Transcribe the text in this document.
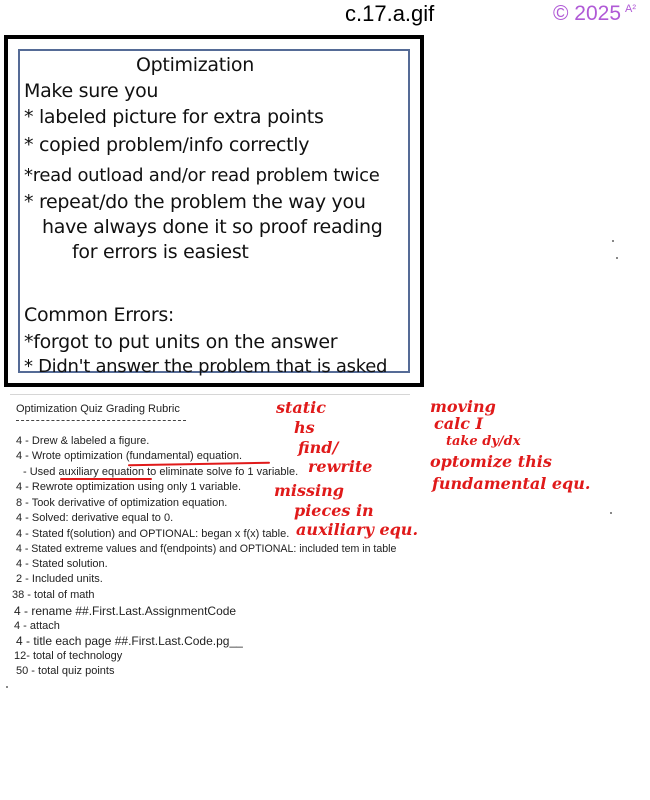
c.17.a.gif	© 2025 $^{A^2}$

Optimization

Make sure you

* labeled picture for extra points

* copied problem/info correctly

*read outload and/or read problem twice

* repeat/do the problem the way you

have always done it so proof reading

for errors is easiest

Common Errors:

*forgot to put units on the answer

* Didn't answer the problem that is asked

Optimization Quiz Grading Rubric

4 - Drew & labeled a figure.

4 - Wrote optimization (fundamental) equation.

- Used auxiliary equation to eliminate solve fo 1 variable.

4 - Rewrote optimization using only 1 variable.

8 - Took derivative of optimization equation.

4 - Solved: derivative equal to 0.

4 - Stated f(solution) and OPTIONAL: began x f(x) table.

4 - Stated extreme values and f(endpoints) and OPTIONAL: included tem in table

4 - Stated solution.

2 - Included units.

38 - total of math

4 - rename ##.First.Last.AssignmentCode

4 - attach

4 - title each page ##.First.Last.Code.pg__

12- total of technology

50 - total quiz points

static

hs

find/

rewrite

missing

pieces in

auxiliary equ.

moving

calc I

take dy/dx

optomize this

fundamental equ.
